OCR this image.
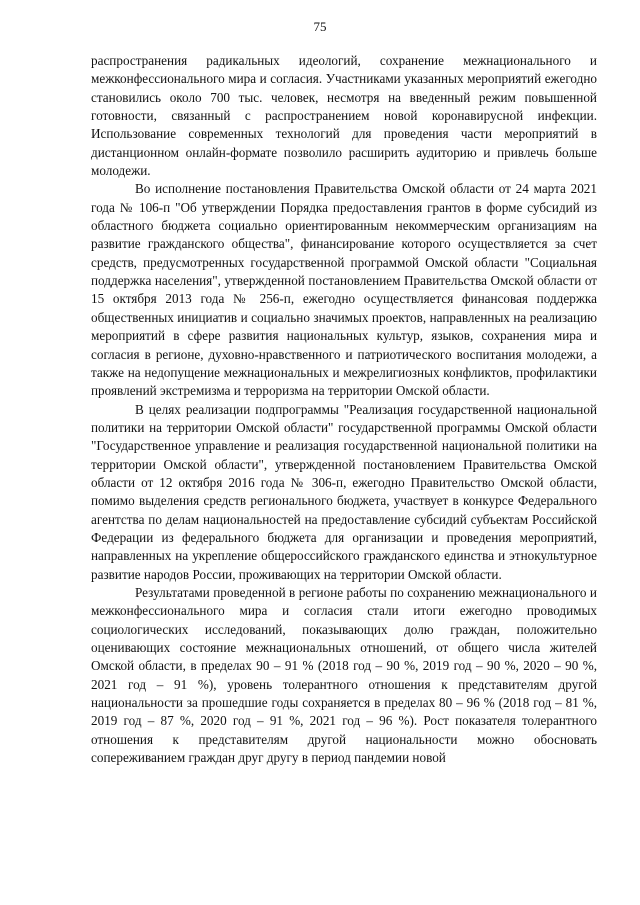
75

распространения радикальных идеологий, сохранение межнационального и межконфессионального мира и согласия. Участниками указанных мероприятий ежегодно становились около 700 тыс. человек, несмотря на введенный режим повышенной готовности, связанный с распространением новой коронавирусной инфекции. Использование современных технологий для проведения части мероприятий в дистанционном онлайн-формате позволило расширить аудиторию и привлечь больше молодежи.

Во исполнение постановления Правительства Омской области от 24 марта 2021 года № 106-п "Об утверждении Порядка предоставления грантов в форме субсидий из областного бюджета социально ориентированным некоммерческим организациям на развитие гражданского общества", финансирование которого осуществляется за счет средств, предусмотренных государственной программой Омской области "Социальная поддержка населения", утвержденной постановлением Правительства Омской области от 15 октября 2013 года № 256-п, ежегодно осуществляется финансовая поддержка общественных инициатив и социально значимых проектов, направленных на реализацию мероприятий в сфере развития национальных культур, языков, сохранения мира и согласия в регионе, духовно-нравственного и патриотического воспитания молодежи, а также на недопущение межнациональных и межрелигиозных конфликтов, профилактики проявлений экстремизма и терроризма на территории Омской области.

В целях реализации подпрограммы "Реализация государственной национальной политики на территории Омской области" государственной программы Омской области "Государственное управление и реализация государственной национальной политики на территории Омской области", утвержденной постановлением Правительства Омской области от 12 октября 2016 года № 306-п, ежегодно Правительство Омской области, помимо выделения средств регионального бюджета, участвует в конкурсе Федерального агентства по делам национальностей на предоставление субсидий субъектам Российской Федерации из федерального бюджета для организации и проведения мероприятий, направленных на укрепление общероссийского гражданского единства и этнокультурное развитие народов России, проживающих на территории Омской области.

Результатами проведенной в регионе работы по сохранению межнационального и межконфессионального мира и согласия стали итоги ежегодно проводимых социологических исследований, показывающих долю граждан, положительно оценивающих состояние межнациональных отношений, от общего числа жителей Омской области, в пределах 90 – 91 % (2018 год – 90 %, 2019 год – 90 %, 2020 – 90 %, 2021 год – 91 %), уровень толерантного отношения к представителям другой национальности за прошедшие годы сохраняется в пределах 80 – 96 % (2018 год – 81 %, 2019 год – 87 %, 2020 год – 91 %, 2021 год – 96 %). Рост показателя толерантного отношения к представителям другой национальности можно обосновать сопереживанием граждан друг другу в период пандемии новой
